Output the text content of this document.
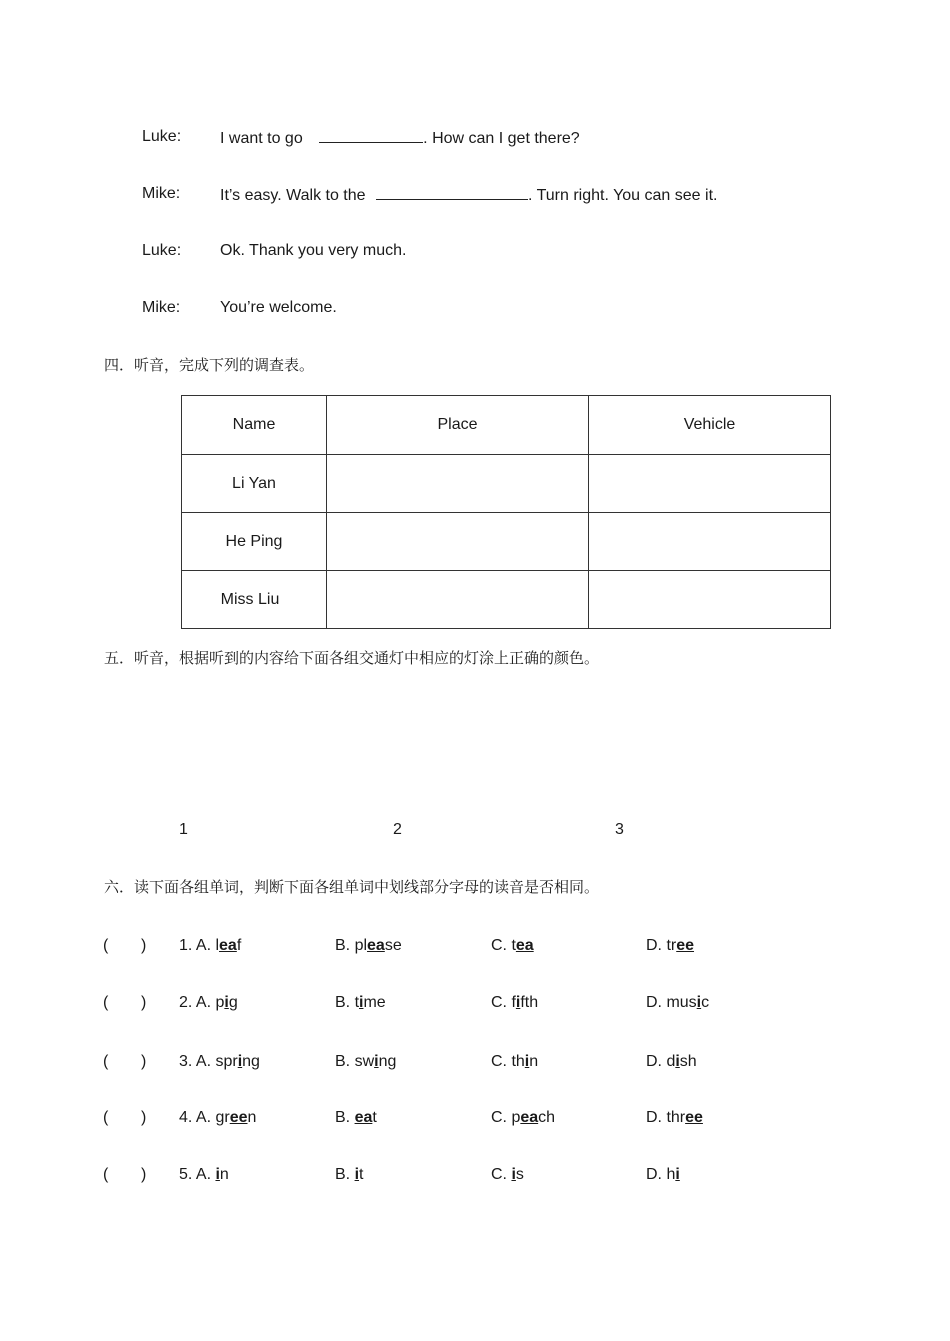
Luke: I want to go	. How can I get there?
Mike: It’s easy. Walk to the	. Turn right. You can see it.
Luke: Ok. Thank you very much.
Mike: You’re welcome.
四．听音，完成下列的调查表。
Name	Place	Vehicle
Li Yan		
He Ping		
Miss Liu		
五．听音，根据听到的内容给下面各组交通灯中相应的灯涂上正确的颜色。
1	2	3
六．读下面各组单词，判断下面各组单词中划线部分字母的读音是否相同。
( ) 1. A. leaf	B. please	C. tea	D. tree
( ) 2. A. pig	B. time	C. fifth	D. music
( ) 3. A. spring	B. swing	C. thin	D. dish
( ) 4. A. green	B. eat	C. peach	D. three
( ) 5. A. in	B. it	C. is	D. hi
